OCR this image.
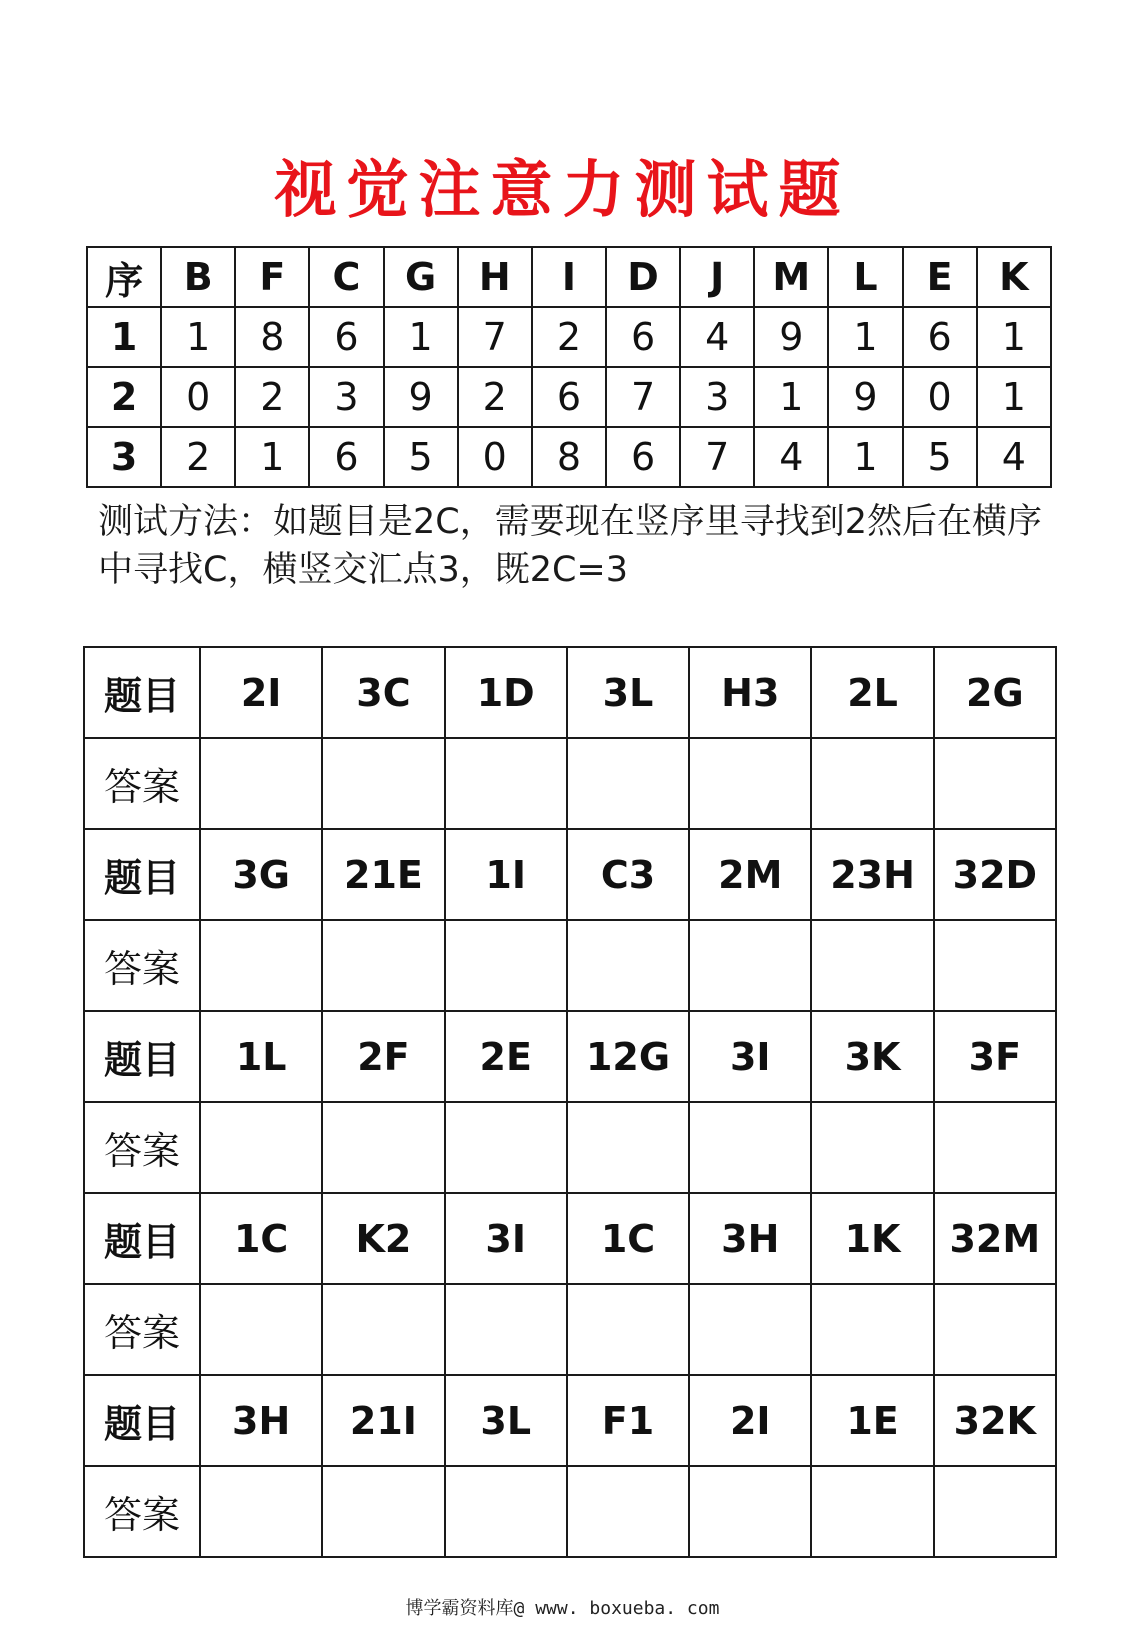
视觉注意力测试题
序	B	F	C	G	H	I	D	J	M	L	E	K
1	1	8	6	1	7	2	6	4	9	1	6	1
2	0	2	3	9	2	6	7	3	1	9	0	1
3	2	1	6	5	0	8	6	7	4	1	5	4
测试方法：如题目是2C，需要现在竖序里寻找到2然后在横序中寻找C，横竖交汇点3，既2C=3
题目	2I	3C	1D	3L	H3	2L	2G
答案							
题目	3G	21E	1I	C3	2M	23H	32D
答案							
题目	1L	2F	2E	12G	3I	3K	3F
答案							
题目	1C	K2	3I	1C	3H	1K	32M
答案							
题目	3H	21I	3L	F1	2I	1E	32K
答案							
博学霸资料库@ www. boxueba. com
